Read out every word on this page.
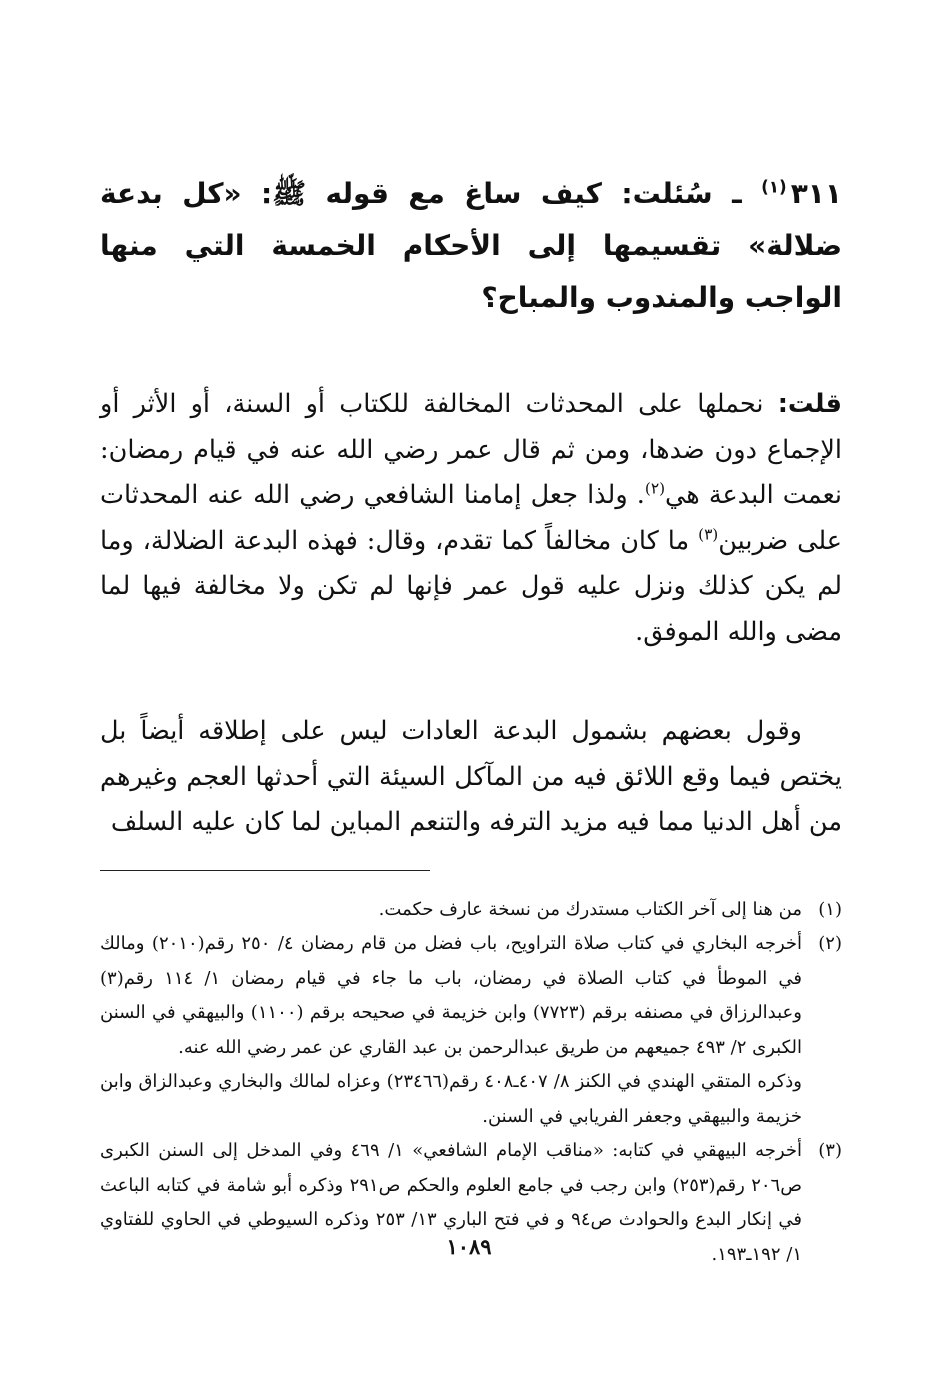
٣١١$^{(١)}$ ـ سُئلت: كيف ساغ مع قوله ﷺ: «كل بدعة ضلالة» تقسيمها إلى الأحكام الخمسة التي منها الواجب والمندوب والمباح؟

قلت: نحملها على المحدثات المخالفة للكتاب أو السنة، أو الأثر أو الإجماع دون ضدها، ومن ثم قال عمر رضي الله عنه في قيام رمضان: نعمت البدعة هي$^{(٢)}$. ولذا جعل إمامنا الشافعي رضي الله عنه المحدثات على ضربين$^{(٣)}$ ما كان مخالفاً كما تقدم، وقال: فهذه البدعة الضلالة، وما لم يكن كذلك ونزل عليه قول عمر فإنها لم تكن ولا مخالفة فيها لما مضى والله الموفق.

وقول بعضهم بشمول البدعة العادات ليس على إطلاقه أيضاً بل يختص فيما وقع اللائق فيه من المآكل السيئة التي أحدثها العجم وغيرهم من أهل الدنيا مما فيه مزيد الترفه والتنعم المباين لما كان عليه السلف

(١)

من هنا إلى آخر الكتاب مستدرك من نسخة عارف حكمت.

(٢)

أخرجه البخاري في كتاب صلاة التراويح، باب فضل من قام رمضان ٤/ ٢٥٠ رقم(٢٠١٠) ومالك في الموطأ في كتاب الصلاة في رمضان، باب ما جاء في قيام رمضان ١/ ١١٤ رقم(٣) وعبدالرزاق في مصنفه برقم (٧٧٢٣) وابن خزيمة في صحيحه برقم (١١٠٠) والبيهقي في السنن الكبرى ٢/ ٤٩٣ جميعهم من طريق عبدالرحمن بن عبد القاري عن عمر رضي الله عنه.

وذكره المتقي الهندي في الكنز ٨/ ٤٠٧ـ٤٠٨ رقم(٢٣٤٦٦) وعزاه لمالك والبخاري وعبدالزاق وابن خزيمة والبيهقي وجعفر الفريابي في السنن.

(٣)

أخرجه البيهقي في كتابه: «مناقب الإمام الشافعي» ١/ ٤٦٩ وفي المدخل إلى السنن الكبرى ص٢٠٦ رقم(٢٥٣) وابن رجب في جامع العلوم والحكم ص٢٩١ وذكره أبو شامة في كتابه الباعث في إنكار البدع والحوادث ص٩٤ و في فتح الباري ١٣/ ٢٥٣ وذكره السيوطي في الحاوي للفتاوي ١/ ١٩٢ـ١٩٣.

١٠٨٩
